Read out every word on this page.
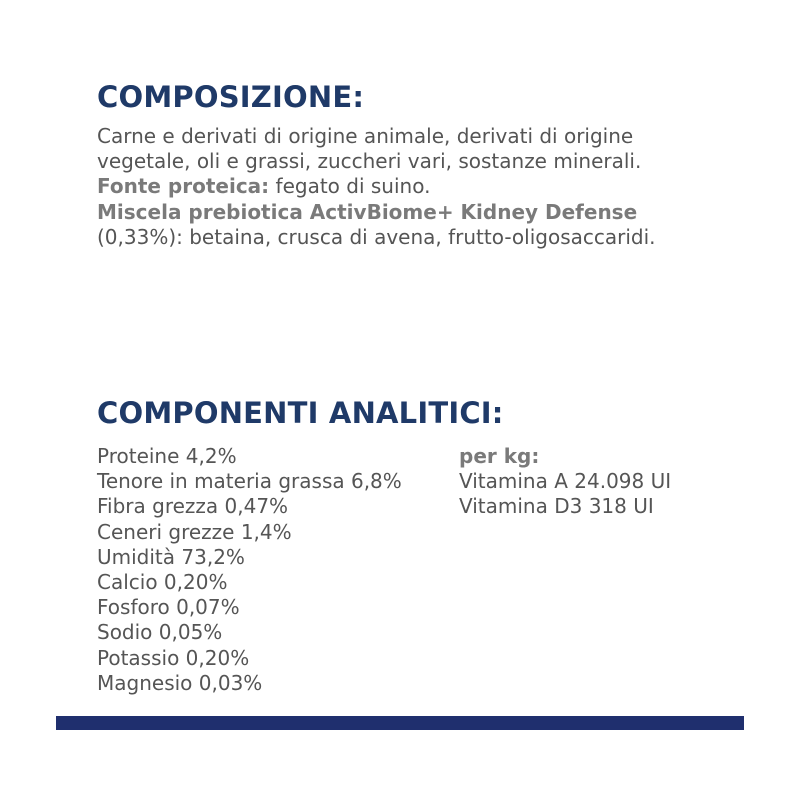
COMPOSIZIONE:
Carne e derivati di origine animale, derivati di origine
vegetale, oli e grassi, zuccheri vari, sostanze minerali.
Fonte proteica: fegato di suino.
Miscela prebiotica ActivBiome+ Kidney Defense
(0,33%): betaina, crusca di avena, frutto-oligosaccaridi.
COMPONENTI ANALITICI:
Proteine 4,2%
Tenore in materia grassa 6,8%
Fibra grezza 0,47%
Ceneri grezze 1,4%
Umidità 73,2%
Calcio 0,20%
Fosforo 0,07%
Sodio 0,05%
Potassio 0,20%
Magnesio 0,03%
per kg:
Vitamina A 24.098 UI
Vitamina D3 318 UI
